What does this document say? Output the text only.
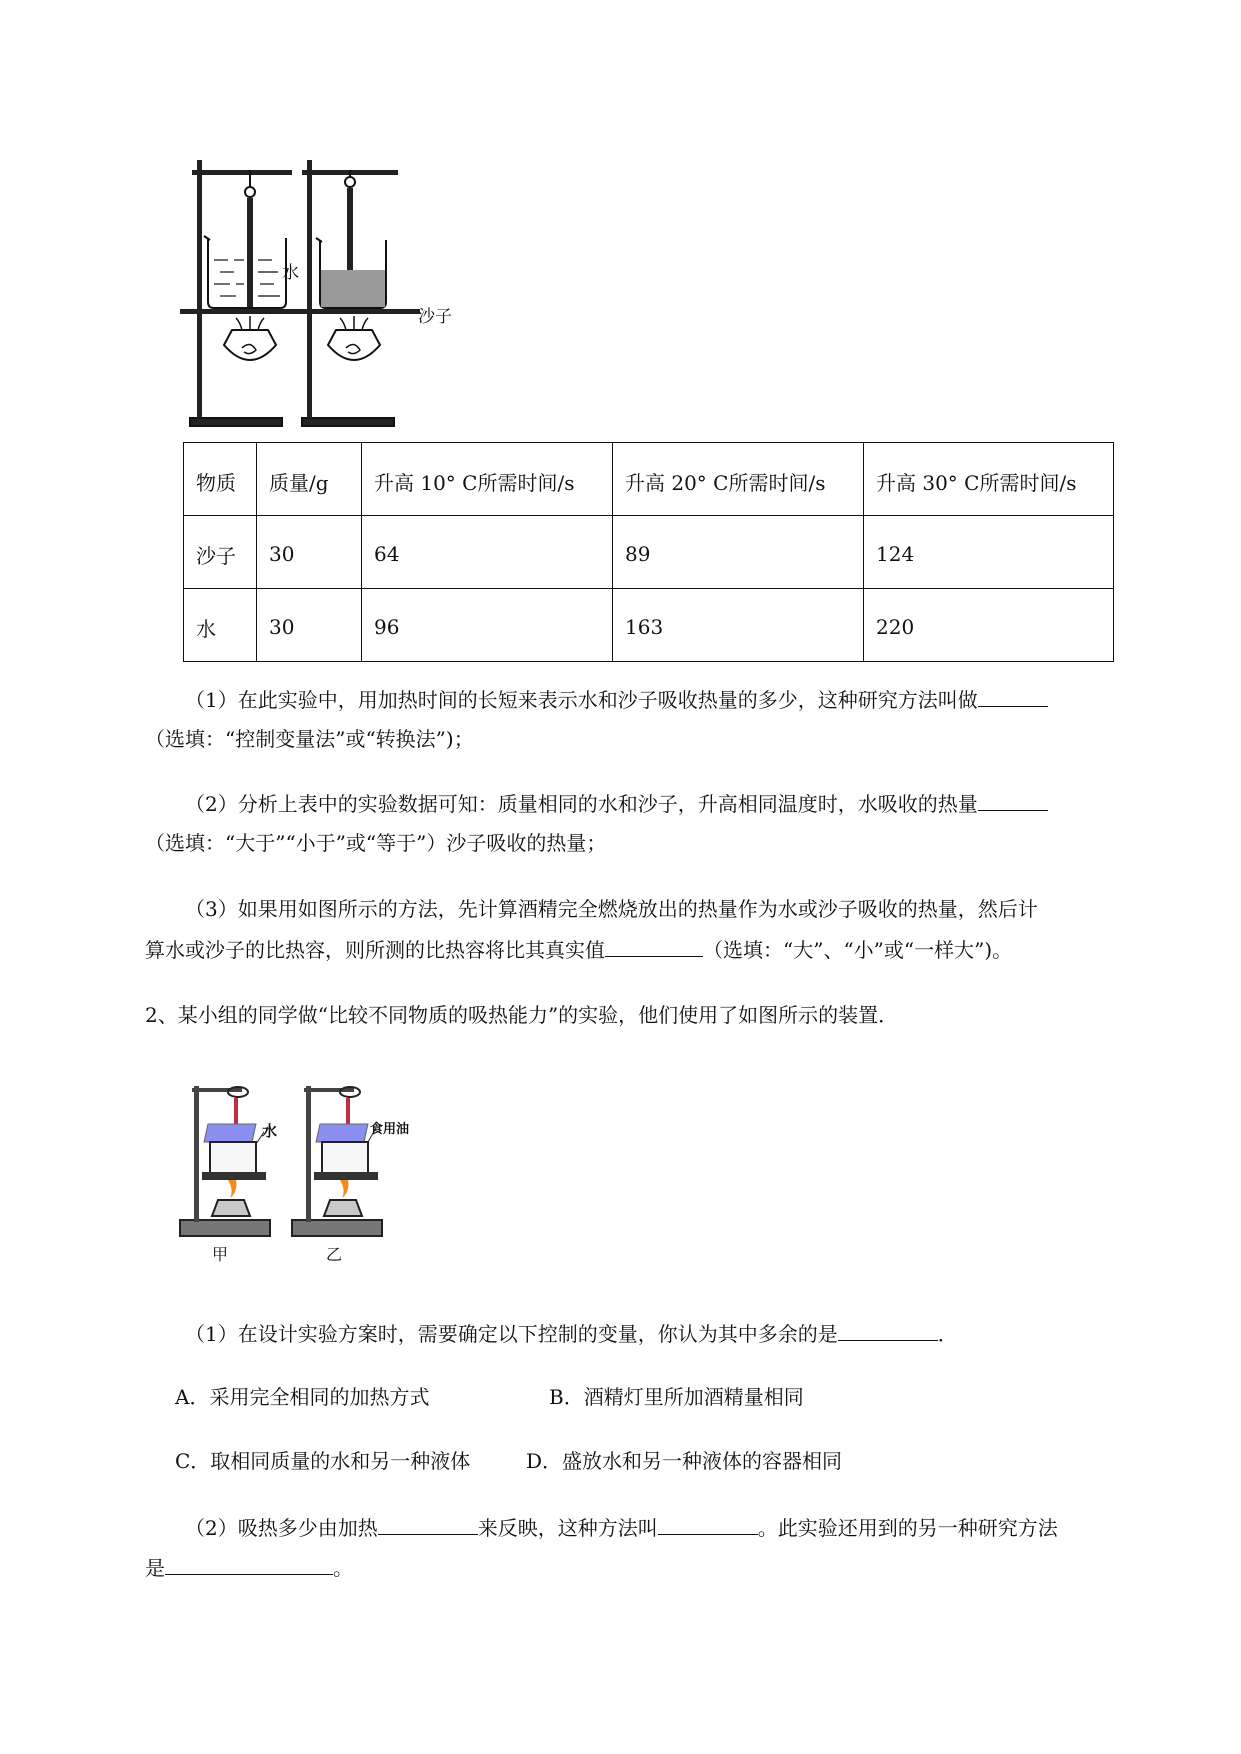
水
沙子
物质	质量/g	升高 10° C所需时间/s	升高 20° C所需时间/s	升高 30° C所需时间/s
沙子	30	64	89	124
水	30	96	163	220
（1）在此实验中，用加热时间的长短来表示水和沙子吸收热量的多少，这种研究方法叫做
（选填：“控制变量法”或“转换法”)；
（2）分析上表中的实验数据可知：质量相同的水和沙子，升高相同温度时，水吸收的热量
（选填：“大于”“小于”或“等于”）沙子吸收的热量；
（3）如果用如图所示的方法，先计算酒精完全燃烧放出的热量作为水或沙子吸收的热量，然后计
算水或沙子的比热容，则所测的比热容将比其真实值	（选填：“大”、“小”或“一样大”)。
2、某小组的同学做“比较不同物质的吸热能力”的实验，他们使用了如图所示的装置．
水	食用油
甲	乙
（1）在设计实验方案时，需要确定以下控制的变量，你认为其中多余的是	．
A．采用完全相同的加热方式	B．酒精灯里所加酒精量相同
C．取相同质量的水和另一种液体	D．盛放水和另一种液体的容器相同
（2）吸热多少由加热	来反映，这种方法叫	。此实验还用到的另一种研究方法
是	。
